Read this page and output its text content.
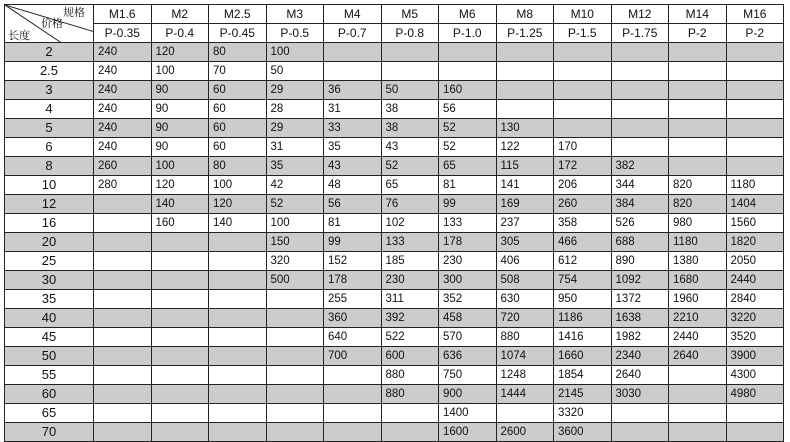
规格
价格
长度	M1.6	M2	M2.5	M3	M4	M5	M6	M8	M10	M12	M14	M16
	P-0.35	P-0.4	P-0.45	P-0.5	P-0.7	P-0.8	P-1.0	P-1.25	P-1.5	P-1.75	P-2	P-2
2	240	120	80	100								
2.5	240	100	70	50								
3	240	90	60	29	36	50	160					
4	240	90	60	28	31	38	56					
5	240	90	60	29	33	38	52	130				
6	240	90	60	31	35	43	52	122	170			
8	260	100	80	35	43	52	65	115	172	382		
10	280	120	100	42	48	65	81	141	206	344	820	1180
12		140	120	52	56	76	99	169	260	384	820	1404
16		160	140	100	81	102	133	237	358	526	980	1560
20				150	99	133	178	305	466	688	1180	1820
25				320	152	185	230	406	612	890	1380	2050
30				500	178	230	300	508	754	1092	1680	2440
35					255	311	352	630	950	1372	1960	2840
40					360	392	458	720	1186	1638	2210	3220
45					640	522	570	880	1416	1982	2440	3520
50					700	600	636	1074	1660	2340	2640	3900
55						880	750	1248	1854	2640		4300
60						880	900	1444	2145	3030		4980
65							1400		3320			
70							1600	2600	3600			
